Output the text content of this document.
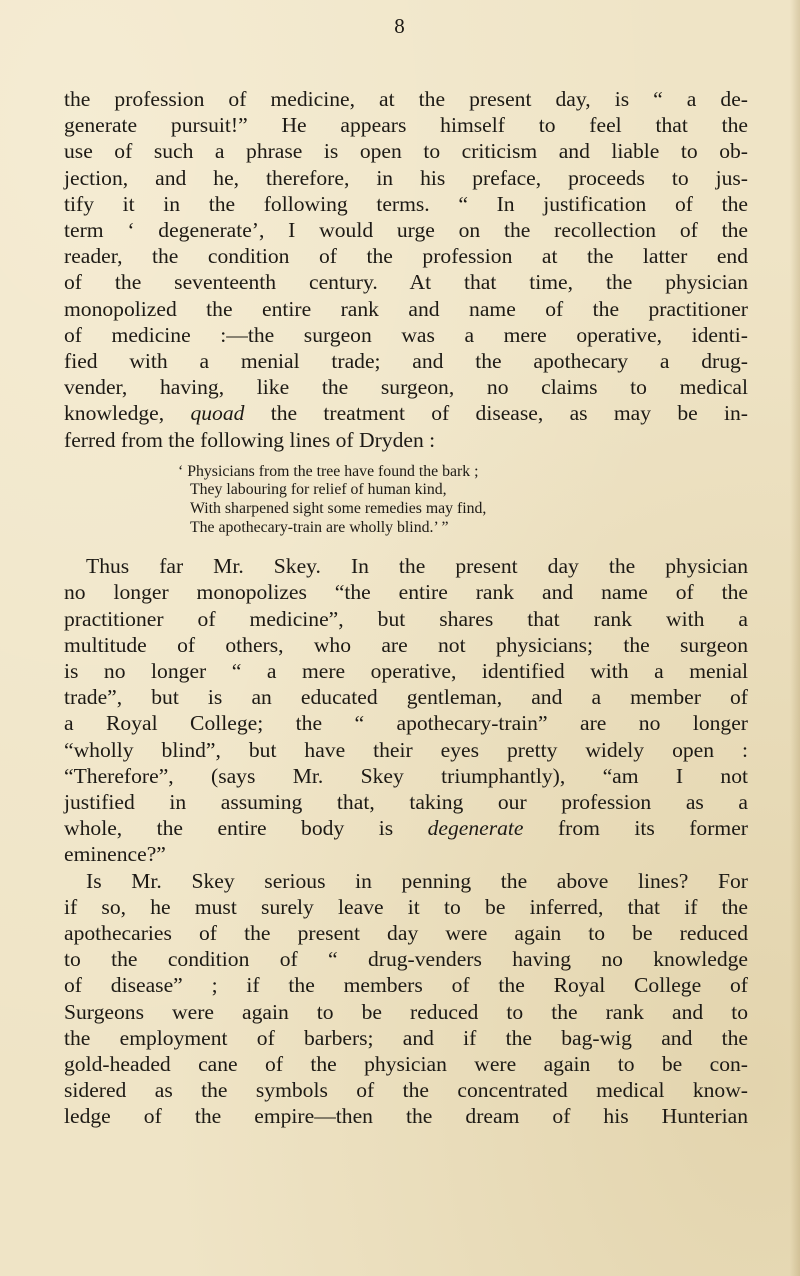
8
the profession of medicine, at the present day, is “ a de-
generate pursuit!” He appears himself to feel that the
use of such a phrase is open to criticism and liable to ob-
jection, and he, therefore, in his preface, proceeds to jus-
tify it in the following terms. “ In justification of the
term ‘ degenerate’, I would urge on the recollection of the
reader, the condition of the profession at the latter end
of the seventeenth century. At that time, the physician
monopolized the entire rank and name of the practitioner
of medicine :—the surgeon was a mere operative, identi-
fied with a menial trade; and the apothecary a drug-
vender, having, like the surgeon, no claims to medical
knowledge, quoad the treatment of disease, as may be in-
ferred from the following lines of Dryden :
‘ Physicians from the tree have found the bark ;
They labouring for relief of human kind,
With sharpened sight some remedies may find,
The apothecary-train are wholly blind.’ ”
Thus far Mr. Skey. In the present day the physician
no longer monopolizes “the entire rank and name of the
practitioner of medicine”, but shares that rank with a
multitude of others, who are not physicians; the surgeon
is no longer “ a mere operative, identified with a menial
trade”, but is an educated gentleman, and a member of
a Royal College; the “ apothecary-train” are no longer
“wholly blind”, but have their eyes pretty widely open :
“Therefore”, (says Mr. Skey triumphantly), “am I not
justified in assuming that, taking our profession as a
whole, the entire body is degenerate from its former
eminence?”
Is Mr. Skey serious in penning the above lines? For
if so, he must surely leave it to be inferred, that if the
apothecaries of the present day were again to be reduced
to the condition of “ drug-venders having no knowledge
of disease” ; if the members of the Royal College of
Surgeons were again to be reduced to the rank and to
the employment of barbers; and if the bag-wig and the
gold-headed cane of the physician were again to be con-
sidered as the symbols of the concentrated medical know-
ledge of the empire—then the dream of his Hunterian
